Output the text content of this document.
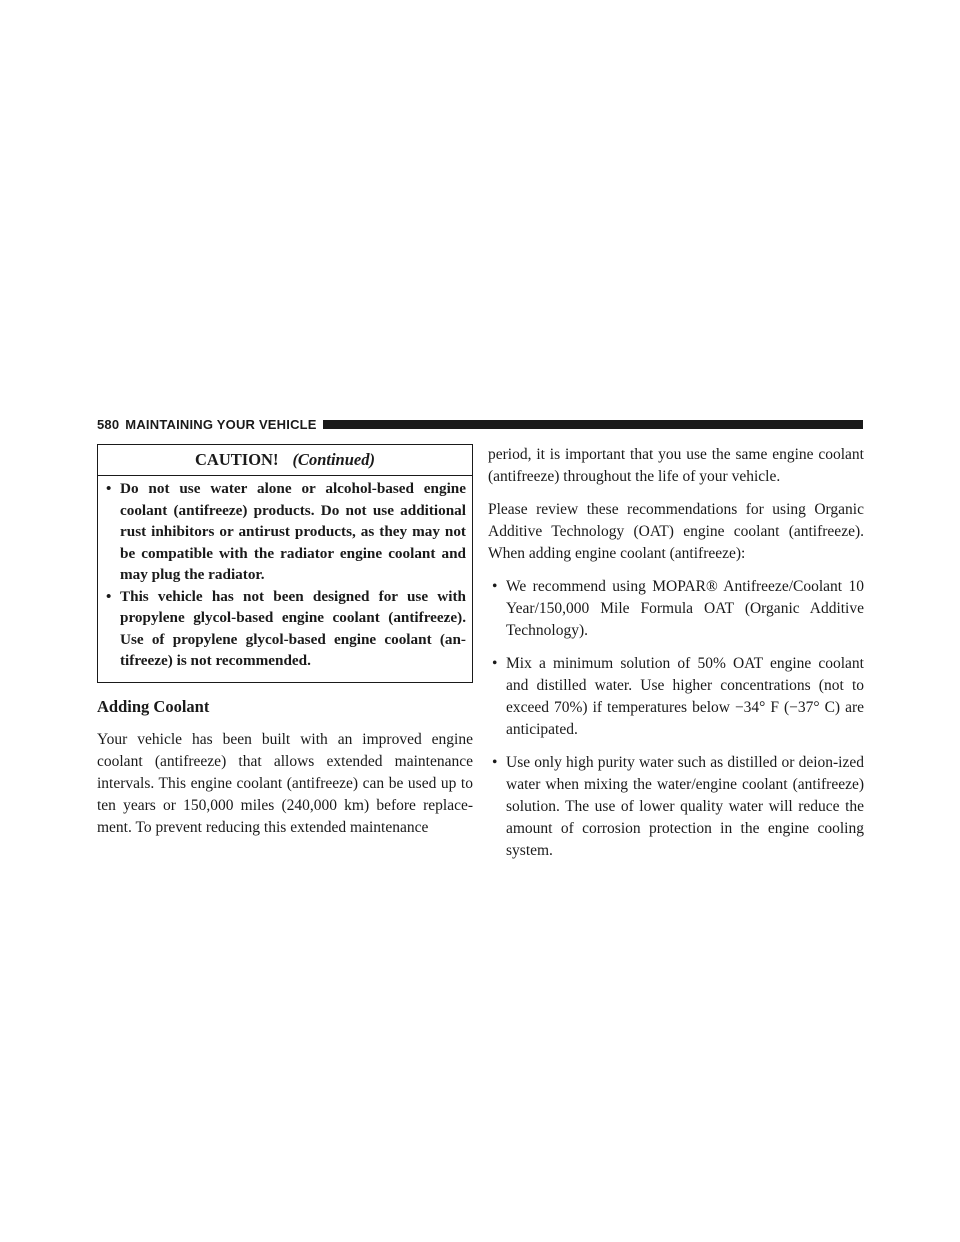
580 MAINTAINING YOUR VEHICLE
CAUTION! (Continued)
• Do not use water alone or alcohol-based engine coolant (antifreeze) products. Do not use additional rust inhibitors or antirust products, as they may not be compatible with the radiator engine coolant and may plug the radiator.
• This vehicle has not been designed for use with propylene glycol-based engine coolant (antifreeze). Use of propylene glycol-based engine coolant (an-tifreeze) is not recommended.
Adding Coolant

Your vehicle has been built with an improved engine coolant (antifreeze) that allows extended maintenance intervals. This engine coolant (antifreeze) can be used up to ten years or 150,000 miles (240,000 km) before replace-ment. To prevent reducing this extended maintenance

period, it is important that you use the same engine coolant (antifreeze) throughout the life of your vehicle.

Please review these recommendations for using Organic Additive Technology (OAT) engine coolant (antifreeze). When adding engine coolant (antifreeze):

• We recommend using MOPAR® Antifreeze/Coolant 10 Year/150,000 Mile Formula OAT (Organic Additive Technology).
• Mix a minimum solution of 50% OAT engine coolant and distilled water. Use higher concentrations (not to exceed 70%) if temperatures below −34° F (−37° C) are anticipated.
• Use only high purity water such as distilled or deion-ized water when mixing the water/engine coolant (antifreeze) solution. The use of lower quality water will reduce the amount of corrosion protection in the engine cooling system.
